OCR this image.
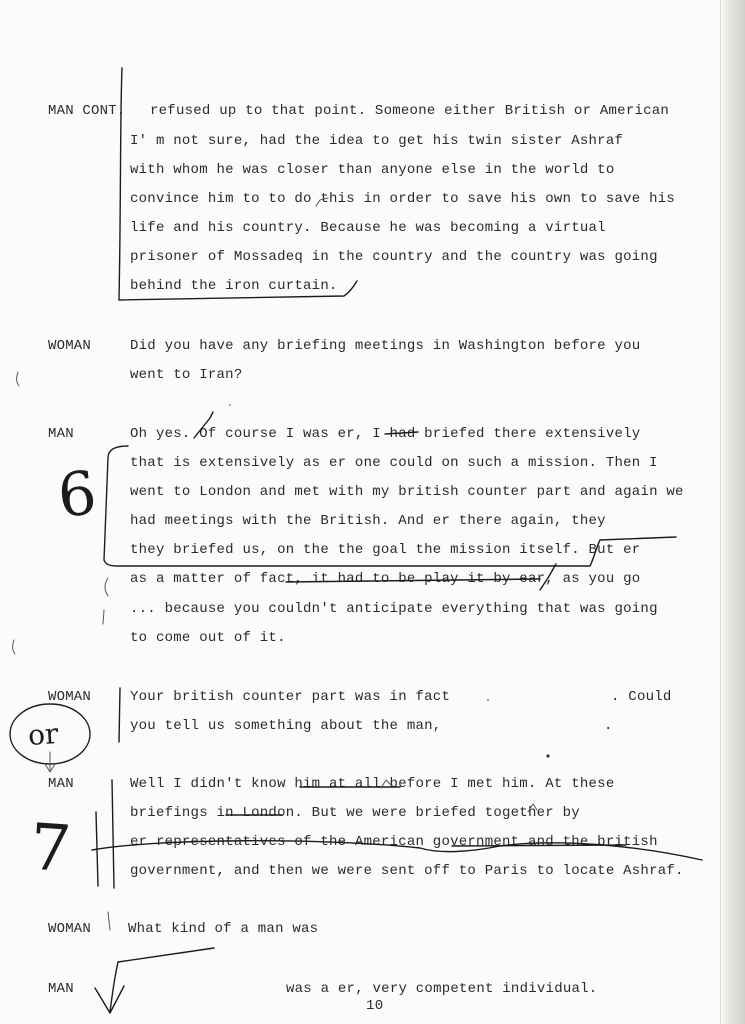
MAN CONT. refused up to that point. Someone either British or American
I' m not sure, had the idea to get his twin sister Ashraf
with whom he was closer than anyone else in the world to
convince him to to do this in order to save his own to save his
life and his country. Because he was becoming a virtual
prisoner of Mossadeq in the country and the country was going
behind the iron curtain.
WOMAN	Did you have any briefing meetings in Washington before you
went to Iran?
MAN	Oh yes. Of course I was er, I had briefed there extensively
that is extensively as er one could on such a mission. Then I
went to London and met with my british counter part and again we
had meetings with the British. And er there again, they
they briefed us, on the the goal the mission itself. But er
as a matter of fact, it had to be play it by ear, as you go
... because you couldn't anticipate everything that was going
to come out of it.
WOMAN	Your british counter part was in fact	. Could
you tell us something about the man,	.
MAN	Well I didn't know him at all before I met him. At these
briefings in London. But we were briefed together by
er representatives of the American government and the british
government, and then we were sent off to Paris to locate Ashraf.
WOMAN	What kind of a man was
MAN	was a er, very competent individual.
10
6
7
or
